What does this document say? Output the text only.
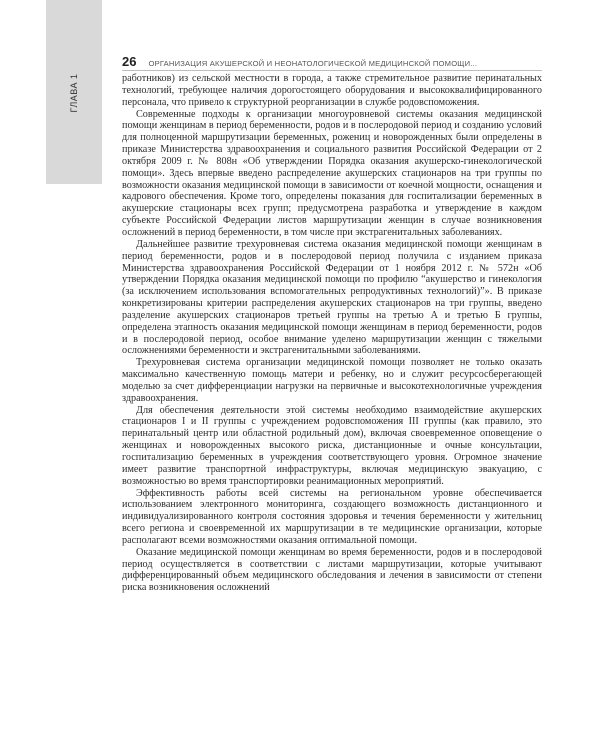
ГЛАВА 1
26 ОРГАНИЗАЦИЯ АКУШЕРСКОЙ И НЕОНАТОЛОГИЧЕСКОЙ МЕДИЦИНСКОЙ ПОМОЩИ...

работников) из сельской местности в города, а также стремительное развитие перинатальных технологий, требующее наличия дорогостоящего оборудования и высококвалифицированного персонала, что привело к структурной реорганизации в службе родовспоможения.

Современные подходы к организации многоуровневой системы оказания медицинской помощи женщинам в период беременности, родов и в послеродовой период и созданию условий для полноценной маршрутизации беременных, рожениц и новорожденных были определены в приказе Министерства здравоохранения и социального развития Российской Федерации от 2 октября 2009 г. № 808н «Об утверждении Порядка оказания акушерско-гинекологической помощи». Здесь впервые введено распределение акушерских стационаров на три группы по возможности оказания медицинской помощи в зависимости от коечной мощности, оснащения и кадрового обеспечения. Кроме того, определены показания для госпитализации беременных в акушерские стационары всех групп; предусмотрена разработка и утверждение в каждом субъекте Российской Федерации листов маршрутизации женщин в случае возникновения осложнений в период беременности, в том числе при экстрагенитальных заболеваниях.

Дальнейшее развитие трехуровневая система оказания медицинской помощи женщинам в период беременности, родов и в послеродовой период получила с изданием приказа Министерства здравоохранения Российской Федерации от 1 ноября 2012 г. № 572н «Об утверждении Порядка оказания медицинской помощи по профилю “акушерство и гинекология (за исключением использования вспомогательных репродуктивных технологий)”». В приказе конкретизированы критерии распределения акушерских стационаров на три группы, введено разделение акушерских стационаров третьей группы на третью А и третью Б группы, определена этапность оказания медицинской помощи женщинам в период беременности, родов и в послеродовой период, особое внимание уделено маршрутизации женщин с тяжелыми осложнениями беременности и экстрагенитальными заболеваниями.

Трехуровневая система организации медицинской помощи позволяет не только оказать максимально качественную помощь матери и ребенку, но и служит ресурсосберегающей моделью за счет дифференциации нагрузки на первичные и высокотехнологичные учреждения здравоохранения.

Для обеспечения деятельности этой системы необходимо взаимодействие акушерских стационаров I и II группы с учреждением родовспоможения III группы (как правило, это перинатальный центр или областной родильный дом), включая своевременное оповещение о женщинах и новорожденных высокого риска, дистанционные и очные консультации, госпитализацию беременных в учреждения соответствующего уровня. Огромное значение имеет развитие транспортной инфраструктуры, включая медицинскую эвакуацию, с возможностью во время транспортировки реанимационных мероприятий.

Эффективность работы всей системы на региональном уровне обеспечивается использованием электронного мониторинга, создающего возможность дистанционного и индивидуализированного контроля состояния здоровья и течения беременности у жительниц всего региона и своевременной их маршрутизации в те медицинские организации, которые располагают всеми возможностями оказания оптимальной помощи.

Оказание медицинской помощи женщинам во время беременности, родов и в послеродовой период осуществляется в соответствии с листами маршрутизации, которые учитывают дифференцированный объем медицинского обследования и лечения в зависимости от степени риска возникновения осложнений
